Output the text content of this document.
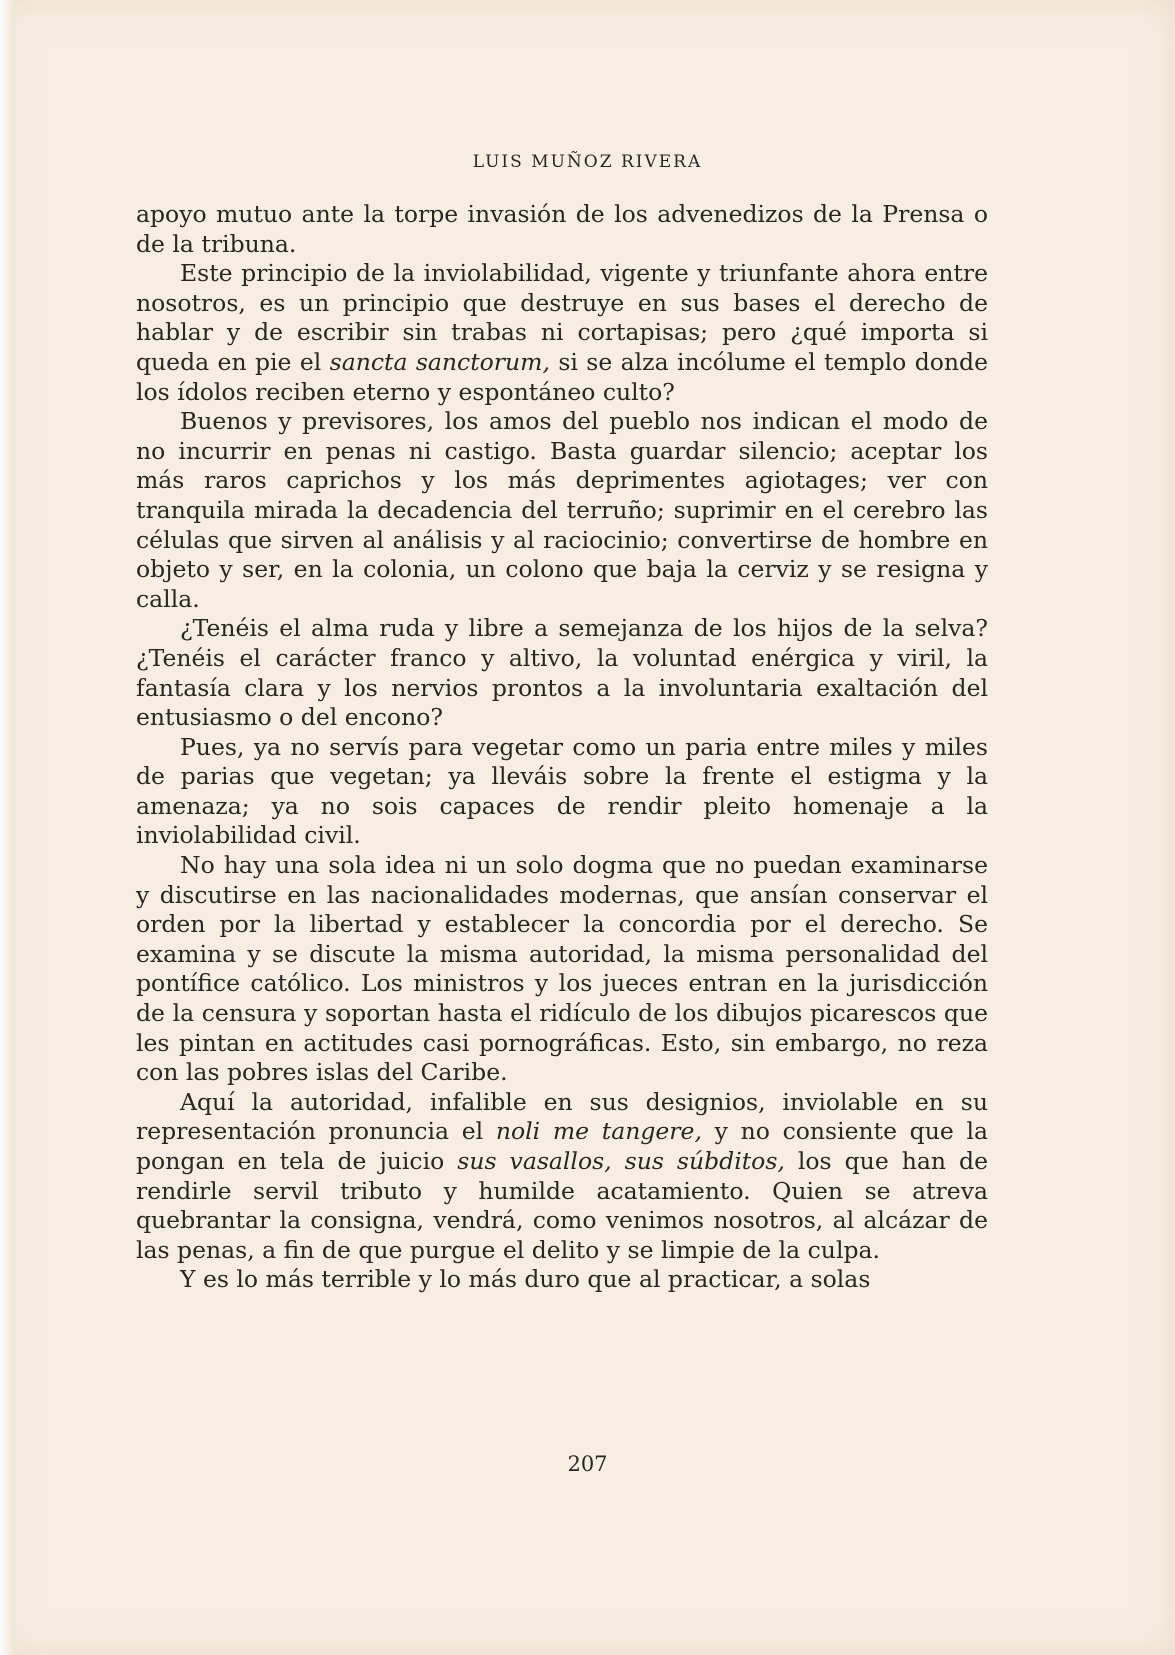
LUIS MUÑOZ RIVERA

apoyo mutuo ante la torpe invasión de los advenedizos de la Prensa o de la tribuna.

Este principio de la inviolabilidad, vigente y triunfante ahora entre nosotros, es un principio que destruye en sus bases el derecho de hablar y de escribir sin trabas ni cortapisas; pero ¿qué importa si queda en pie el sancta sanctorum, si se alza incólume el templo donde los ídolos reciben eterno y espontáneo culto?

Buenos y previsores, los amos del pueblo nos indican el modo de no incurrir en penas ni castigo. Basta guardar silencio; aceptar los más raros caprichos y los más deprimentes agiotages; ver con tranquila mirada la decadencia del terruño; suprimir en el cerebro las células que sirven al análisis y al raciocinio; convertirse de hombre en objeto y ser, en la colonia, un colono que baja la cerviz y se resigna y calla.

¿Tenéis el alma ruda y libre a semejanza de los hijos de la selva? ¿Tenéis el carácter franco y altivo, la voluntad enérgica y viril, la fantasía clara y los nervios prontos a la involuntaria exaltación del entusiasmo o del encono?

Pues, ya no servís para vegetar como un paria entre miles y miles de parias que vegetan; ya lleváis sobre la frente el estigma y la amenaza; ya no sois capaces de rendir pleito homenaje a la inviolabilidad civil.

No hay una sola idea ni un solo dogma que no puedan examinarse y discutirse en las nacionalidades modernas, que ansían conservar el orden por la libertad y establecer la concordia por el derecho. Se examina y se discute la misma autoridad, la misma personalidad del pontífice católico. Los ministros y los jueces entran en la jurisdicción de la censura y soportan hasta el ridículo de los dibujos picarescos que les pintan en actitudes casi pornográficas. Esto, sin embargo, no reza con las pobres islas del Caribe.

Aquí la autoridad, infalible en sus designios, inviolable en su representación pronuncia el noli me tangere, y no consiente que la pongan en tela de juicio sus vasallos, sus súbditos, los que han de rendirle servil tributo y humilde acatamiento. Quien se atreva quebrantar la consigna, vendrá, como venimos nosotros, al alcázar de las penas, a fin de que purgue el delito y se limpie de la culpa.

Y es lo más terrible y lo más duro que al practicar, a solas

207
